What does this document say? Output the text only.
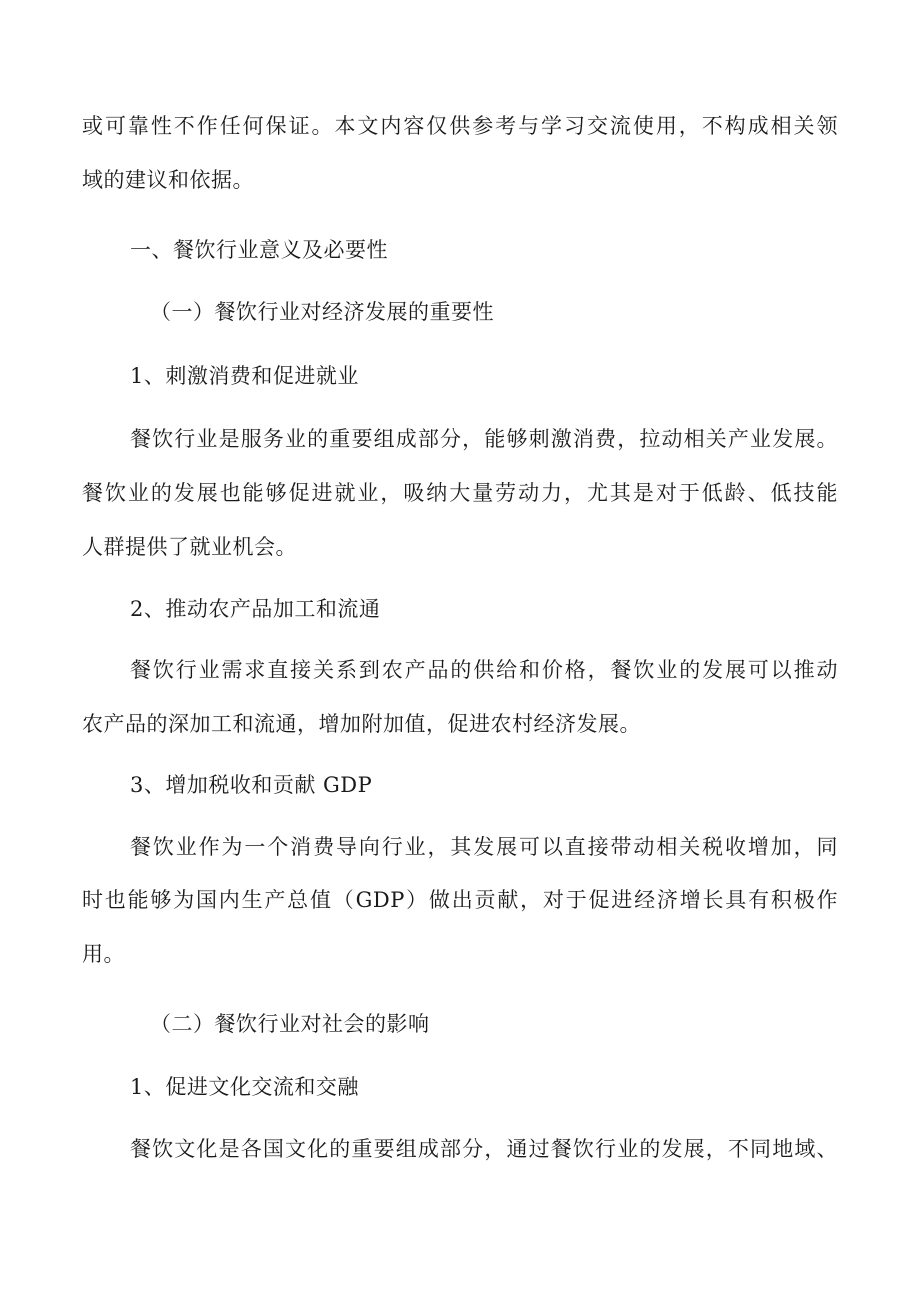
或可靠性不作任何保证。本文内容仅供参考与学习交流使用，不构成相关领
域的建议和依据。
一、餐饮行业意义及必要性
（一）餐饮行业对经济发展的重要性
1、刺激消费和促进就业
餐饮行业是服务业的重要组成部分，能够刺激消费，拉动相关产业发展。
餐饮业的发展也能够促进就业，吸纳大量劳动力，尤其是对于低龄、低技能
人群提供了就业机会。
2、推动农产品加工和流通
餐饮行业需求直接关系到农产品的供给和价格，餐饮业的发展可以推动
农产品的深加工和流通，增加附加值，促进农村经济发展。
3、增加税收和贡献 GDP
餐饮业作为一个消费导向行业，其发展可以直接带动相关税收增加，同
时也能够为国内生产总值（GDP）做出贡献，对于促进经济增长具有积极作
用。
（二）餐饮行业对社会的影响
1、促进文化交流和交融
餐饮文化是各国文化的重要组成部分，通过餐饮行业的发展，不同地域、
